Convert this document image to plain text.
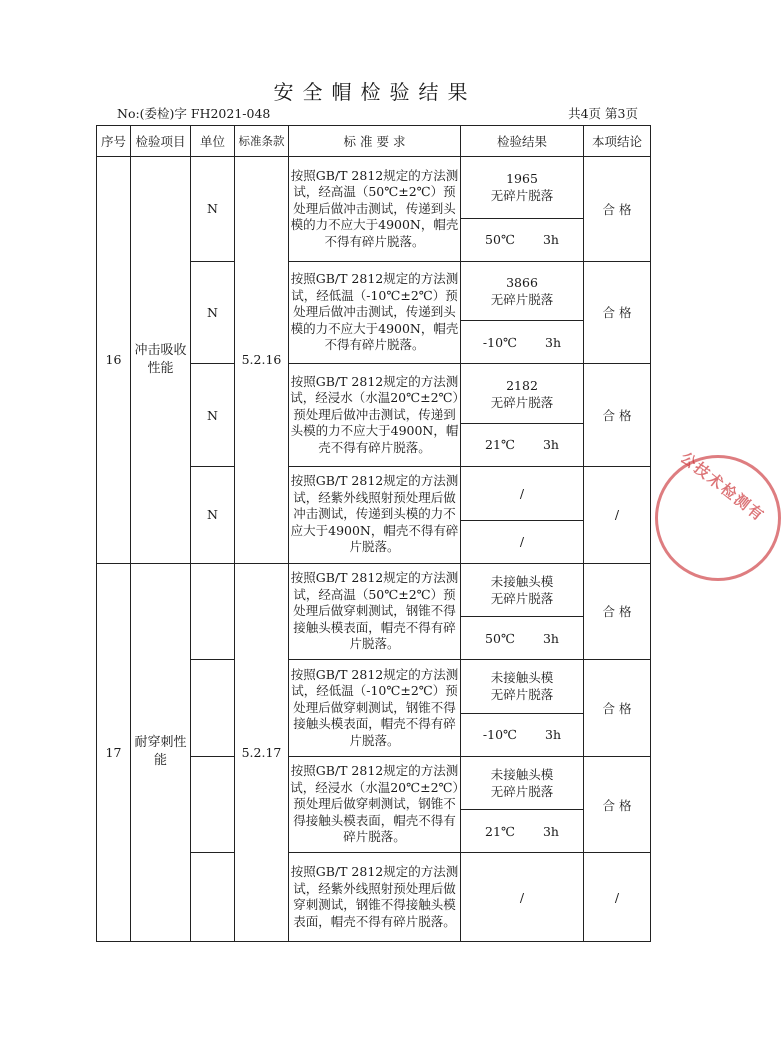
安全帽检验结果
No:(委检)字 FH2021-048	共4页 第3页
序号	检验项目	单位	标准条款	标 准 要 求	检验结果	本项结论
16	冲击吸收性能	N	5.2.16	按照GB/T 2812规定的方法测试，经高温（50℃±2℃）预处理后做冲击测试，传递到头模的力不应大于4900N，帽壳不得有碎片脱落。	1965
无碎片脱落
50℃ 3h	合 格
		N		按照GB/T 2812规定的方法测试，经低温（-10℃±2℃）预处理后做冲击测试，传递到头模的力不应大于4900N，帽壳不得有碎片脱落。	3866
无碎片脱落
-10℃ 3h	合 格
		N		按照GB/T 2812规定的方法测试，经浸水（水温20℃±2℃）预处理后做冲击测试，传递到头模的力不应大于4900N，帽壳不得有碎片脱落。	2182
无碎片脱落
21℃ 3h	合 格
		N		按照GB/T 2812规定的方法测试，经紫外线照射预处理后做冲击测试，传递到头模的力不应大于4900N，帽壳不得有碎片脱落。	/
/	/
17	耐穿刺性能		5.2.17	按照GB/T 2812规定的方法测试，经高温（50℃±2℃）预处理后做穿刺测试，钢锥不得接触头模表面，帽壳不得有碎片脱落。	未接触头模
无碎片脱落
50℃ 3h	合 格
				按照GB/T 2812规定的方法测试，经低温（-10℃±2℃）预处理后做穿刺测试，钢锥不得接触头模表面，帽壳不得有碎片脱落。	未接触头模
无碎片脱落
-10℃ 3h	合 格
				按照GB/T 2812规定的方法测试，经浸水（水温20℃±2℃）预处理后做穿刺测试，钢锥不得接触头模表面，帽壳不得有碎片脱落。	未接触头模
无碎片脱落
21℃ 3h	合 格
				按照GB/T 2812规定的方法测试，经紫外线照射预处理后做穿刺测试，钢锥不得接触头模表面，帽壳不得有碎片脱落。	/	/
公技术检测有
